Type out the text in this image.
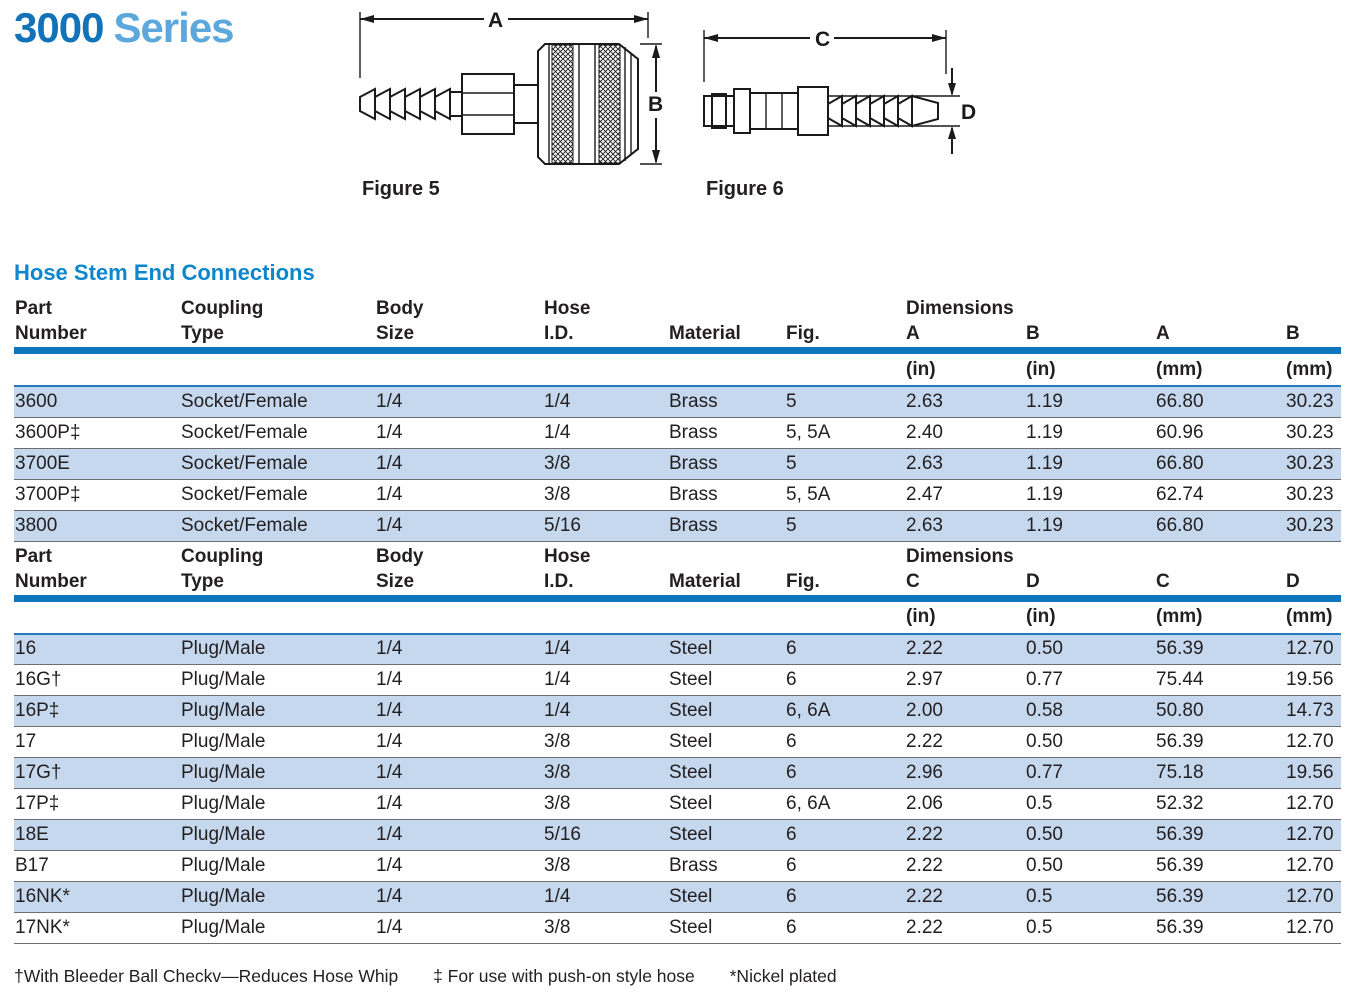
3000 Series	A
B
Figure 5
C
D
Figure 6
Hose Stem End Connections
Part	Coupling	Body	Hose			Dimensions			
Number	Type	Size	I.D.	Material	Fig.	A	B	A	B
						(in)	(in)	(mm)	(mm)
3600	Socket/Female	1/4	1/4	Brass	5	2.63	1.19	66.80	30.23
3600P‡	Socket/Female	1/4	1/4	Brass	5, 5A	2.40	1.19	60.96	30.23
3700E	Socket/Female	1/4	3/8	Brass	5	2.63	1.19	66.80	30.23
3700P‡	Socket/Female	1/4	3/8	Brass	5, 5A	2.47	1.19	62.74	30.23
3800	Socket/Female	1/4	5/16	Brass	5	2.63	1.19	66.80	30.23
Part	Coupling	Body	Hose			Dimensions			
Number	Type	Size	I.D.	Material	Fig.	C	D	C	D
						(in)	(in)	(mm)	(mm)
16	Plug/Male	1/4	1/4	Steel	6	2.22	0.50	56.39	12.70
16G†	Plug/Male	1/4	1/4	Steel	6	2.97	0.77	75.44	19.56
16P‡	Plug/Male	1/4	1/4	Steel	6, 6A	2.00	0.58	50.80	14.73
17	Plug/Male	1/4	3/8	Steel	6	2.22	0.50	56.39	12.70
17G†	Plug/Male	1/4	3/8	Steel	6	2.96	0.77	75.18	19.56
17P‡	Plug/Male	1/4	3/8	Steel	6, 6A	2.06	0.5	52.32	12.70
18E	Plug/Male	1/4	5/16	Steel	6	2.22	0.50	56.39	12.70
B17	Plug/Male	1/4	3/8	Brass	6	2.22	0.50	56.39	12.70
16NK*	Plug/Male	1/4	1/4	Steel	6	2.22	0.5	56.39	12.70
17NK*	Plug/Male	1/4	3/8	Steel	6	2.22	0.5	56.39	12.70
†With Bleeder Ball Checkv—Reduces Hose Whip ‡ For use with push-on style hose *Nickel plated
